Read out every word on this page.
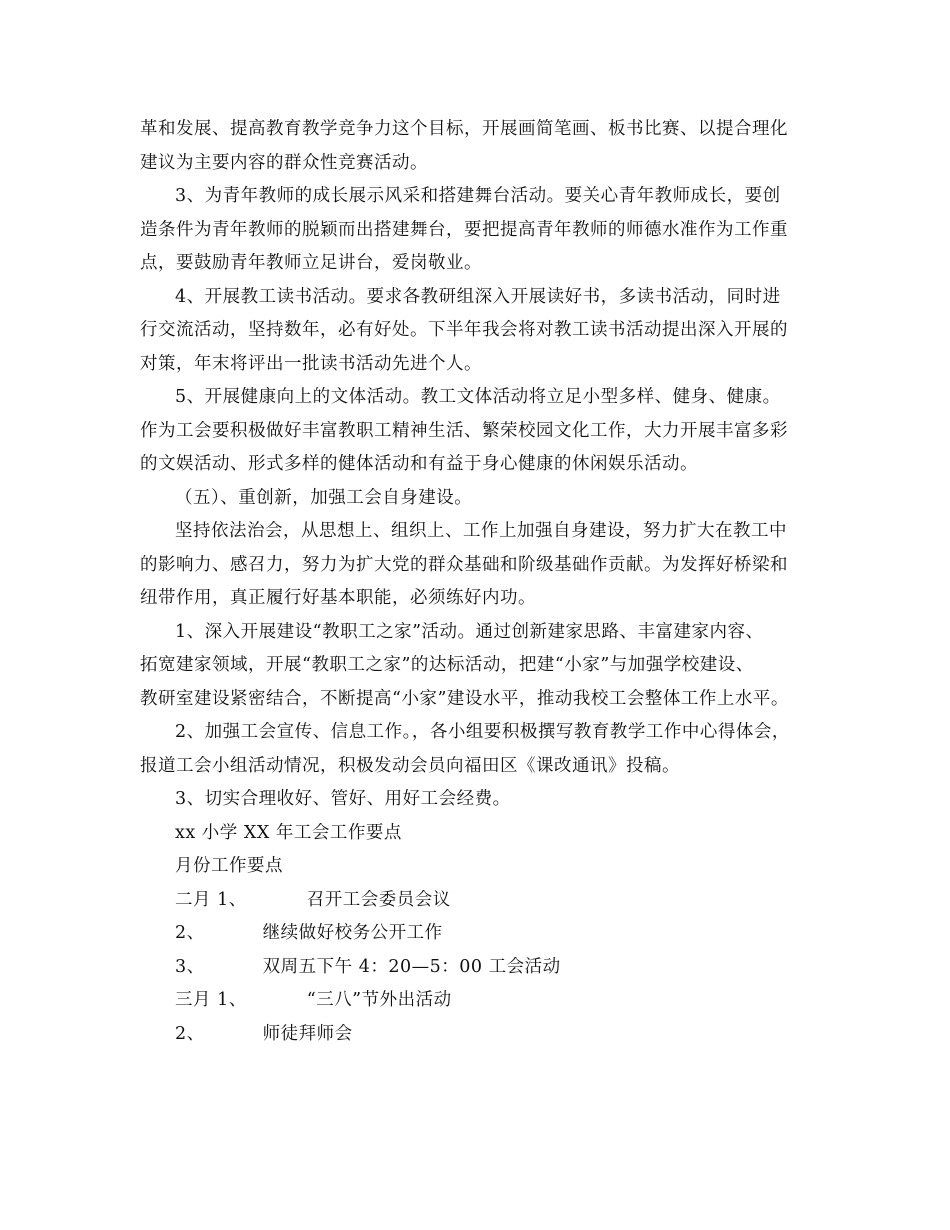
革和发展、提高教育教学竞争力这个目标，开展画简笔画、板书比赛、以提合理化
建议为主要内容的群众性竞赛活动。
3、为青年教师的成长展示风采和搭建舞台活动。要关心青年教师成长，要创
造条件为青年教师的脱颖而出搭建舞台，要把提高青年教师的师德水准作为工作重
点，要鼓励青年教师立足讲台，爱岗敬业。
4、开展教工读书活动。要求各教研组深入开展读好书，多读书活动，同时进
行交流活动，坚持数年，必有好处。下半年我会将对教工读书活动提出深入开展的
对策，年末将评出一批读书活动先进个人。
5、开展健康向上的文体活动。教工文体活动将立足小型多样、健身、健康。
作为工会要积极做好丰富教职工精神生活、繁荣校园文化工作，大力开展丰富多彩
的文娱活动、形式多样的健体活动和有益于身心健康的休闲娱乐活动。
（五）、重创新，加强工会自身建设。
坚持依法治会，从思想上、组织上、工作上加强自身建设，努力扩大在教工中
的影响力、感召力，努力为扩大党的群众基础和阶级基础作贡献。为发挥好桥梁和
纽带作用，真正履行好基本职能，必须练好内功。
1、深入开展建设“教职工之家”活动。通过创新建家思路、丰富建家内容、
拓宽建家领域，开展“教职工之家”的达标活动，把建“小家”与加强学校建设、
教研室建设紧密结合，不断提高“小家”建设水平，推动我校工会整体工作上水平。
2、加强工会宣传、信息工作。，各小组要积极撰写教育教学工作中心得体会，
报道工会小组活动情况，积极发动会员向福田区《课改通讯》投稿。
3、切实合理收好、管好、用好工会经费。
xx 小学 XX 年工会工作要点
月份工作要点
二月 1、	召开工会委员会议
2、	继续做好校务公开工作
3、	双周五下午 4：20—5：00 工会活动
三月 1、	“三八”节外出活动
2、	师徒拜师会
